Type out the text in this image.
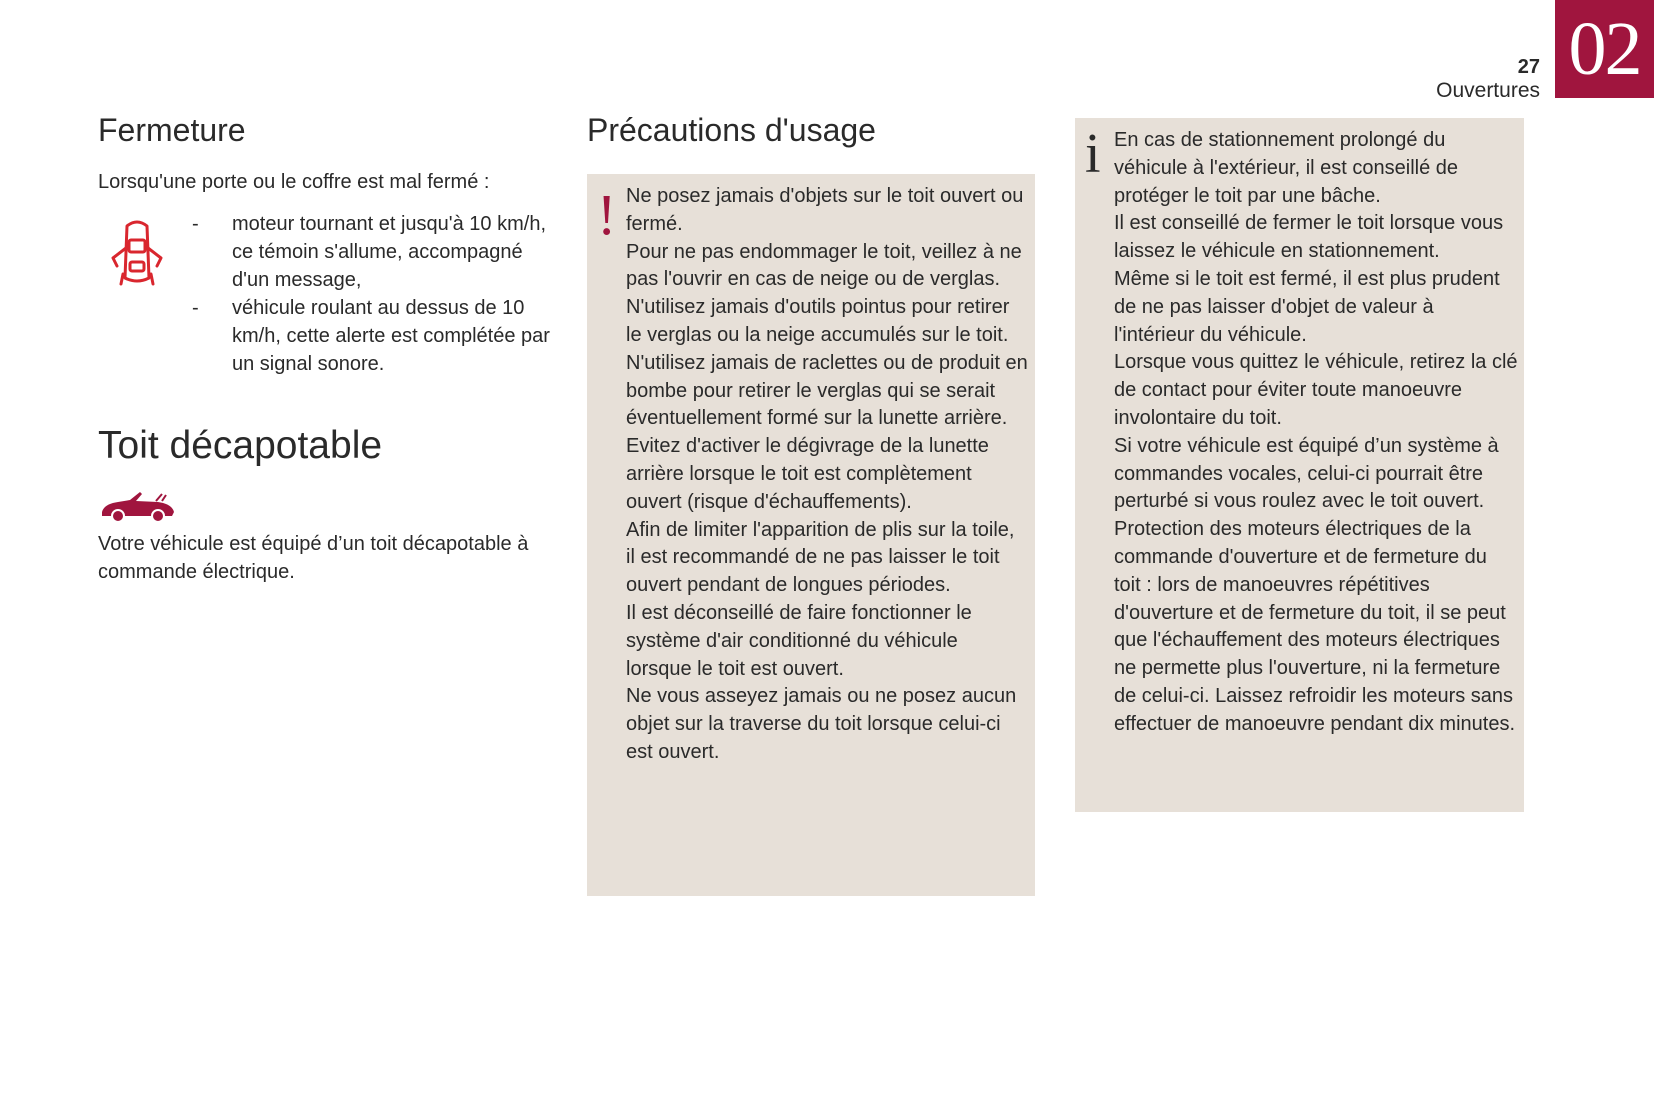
02
27
Ouvertures
Fermeture

Lorsqu'une porte ou le coffre est mal fermé :

- moteur tournant et jusqu'à 10 km/h, ce témoin s'allume, accompagné d'un message,
- véhicule roulant au dessus de 10 km/h, cette alerte est complétée par un signal sonore.
Toit décapotable

Votre véhicule est équipé d’un toit décapotable à commande électrique.

Précautions d'usage
! Ne posez jamais d'objets sur le toit ouvert ou fermé.

Pour ne pas endommager le toit, veillez à ne pas l'ouvrir en cas de neige ou de verglas.

N'utilisez jamais d'outils pointus pour retirer le verglas ou la neige accumulés sur le toit.

N'utilisez jamais de raclettes ou de produit en bombe pour retirer le verglas qui se serait éventuellement formé sur la lunette arrière.

Evitez d'activer le dégivrage de la lunette arrière lorsque le toit est complètement ouvert (risque d'échauffements).

Afin de limiter l'apparition de plis sur la toile, il est recommandé de ne pas laisser le toit ouvert pendant de longues périodes.

Il est déconseillé de faire fonctionner le système d'air conditionné du véhicule lorsque le toit est ouvert.

Ne vous asseyez jamais ou ne posez aucun objet sur la traverse du toit lorsque celui-ci est ouvert.

i En cas de stationnement prolongé du véhicule à l'extérieur, il est conseillé de protéger le toit par une bâche.

Il est conseillé de fermer le toit lorsque vous laissez le véhicule en stationnement.

Même si le toit est fermé, il est plus prudent de ne pas laisser d'objet de valeur à l'intérieur du véhicule.

Lorsque vous quittez le véhicule, retirez la clé de contact pour éviter toute manoeuvre involontaire du toit.

Si votre véhicule est équipé d’un système à commandes vocales, celui-ci pourrait être perturbé si vous roulez avec le toit ouvert.

Protection des moteurs électriques de la commande d'ouverture et de fermeture du toit : lors de manoeuvres répétitives d'ouverture et de fermeture du toit, il se peut que l'échauffement des moteurs électriques ne permette plus l'ouverture, ni la fermeture de celui-ci. Laissez refroidir les moteurs sans effectuer de manoeuvre pendant dix minutes.
